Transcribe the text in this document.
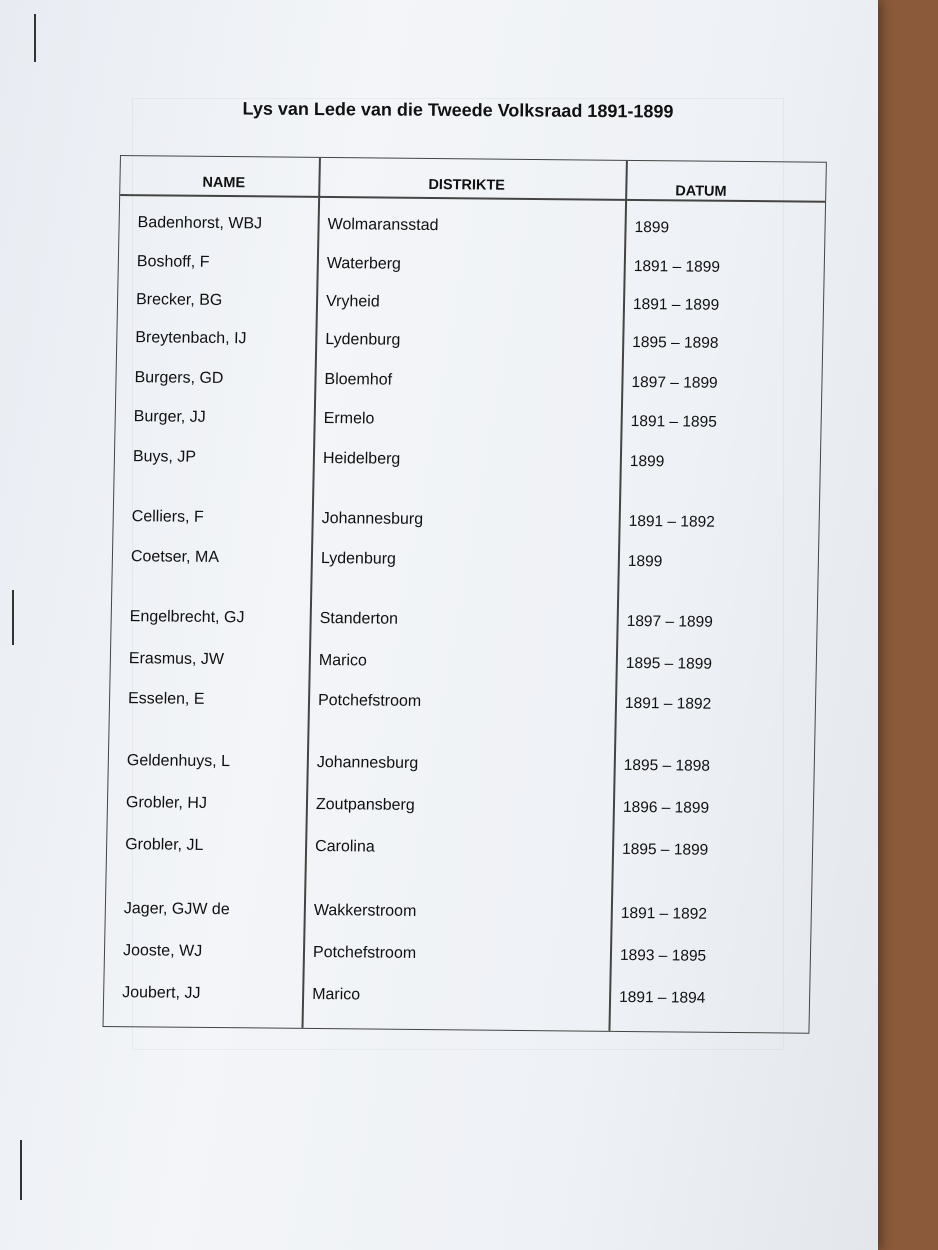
Lys van Lede van die Tweede Volksraad 1891-1899
NAME	DISTRIKTE	DATUM
Badenhorst, WBJ	Wolmaransstad	1899
Boshoff, F	Waterberg	1891 – 1899
Brecker, BG	Vryheid	1891 – 1899
Breytenbach, IJ	Lydenburg	1895 – 1898
Burgers, GD	Bloemhof	1897 – 1899
Burger, JJ	Ermelo	1891 – 1895
Buys, JP	Heidelberg	1899
Celliers, F	Johannesburg	1891 – 1892
Coetser, MA	Lydenburg	1899
Engelbrecht, GJ	Standerton	1897 – 1899
Erasmus, JW	Marico	1895 – 1899
Esselen, E	Potchefstroom	1891 – 1892
Geldenhuys, L	Johannesburg	1895 – 1898
Grobler, HJ	Zoutpansberg	1896 – 1899
Grobler, JL	Carolina	1895 – 1899
Jager, GJW de	Wakkerstroom	1891 – 1892
Jooste, WJ	Potchefstroom	1893 – 1895
Joubert, JJ	Marico	1891 – 1894
